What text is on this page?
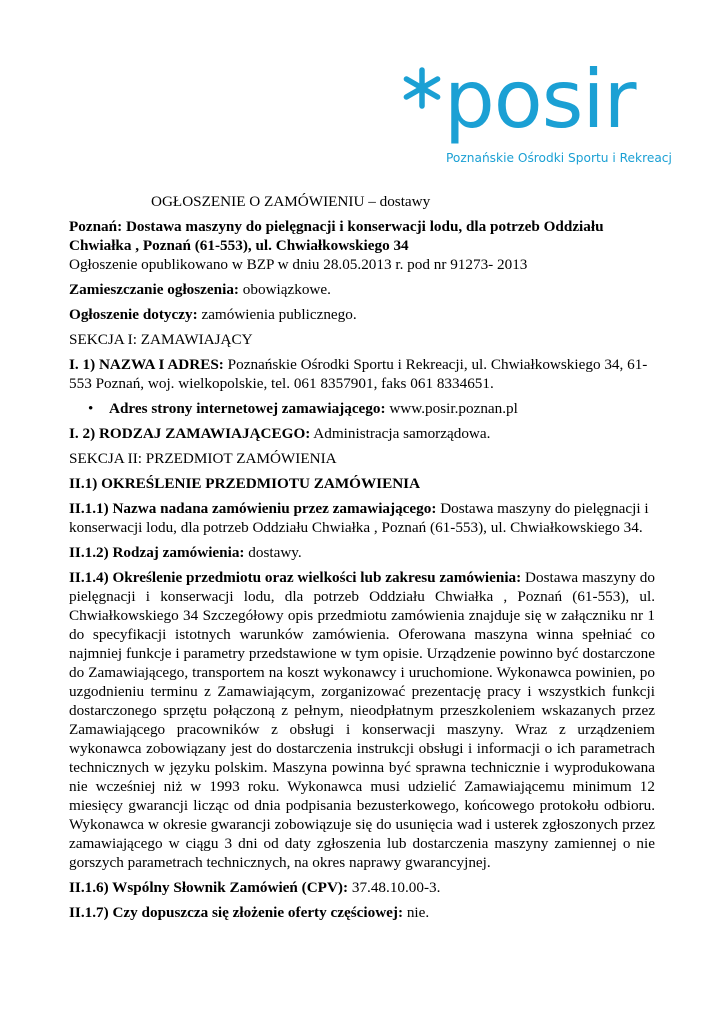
posir
Poznańskie Ośrodki Sportu i Rekreacj

OGŁOSZENIE O ZAMÓWIENIU – dostawy

Poznań: Dostawa maszyny do pielęgnacji i konserwacji lodu, dla potrzeb Oddziału Chwiałka , Poznań (61-553), ul. Chwiałkowskiego 34
Ogłoszenie opublikowano w BZP w dniu 28.05.2013 r. pod nr 91273- 2013

Zamieszczanie ogłoszenia: obowiązkowe.

Ogłoszenie dotyczy: zamówienia publicznego.

SEKCJA I: ZAMAWIAJĄCY

I. 1) NAZWA I ADRES: Poznańskie Ośrodki Sportu i Rekreacji, ul. Chwiałkowskiego 34, 61-553 Poznań, woj. wielkopolskie, tel. 061 8357901, faks 061 8334651.

• Adres strony internetowej zamawiającego: www.posir.poznan.pl

I. 2) RODZAJ ZAMAWIAJĄCEGO: Administracja samorządowa.

SEKCJA II: PRZEDMIOT ZAMÓWIENIA

II.1) OKREŚLENIE PRZEDMIOTU ZAMÓWIENIA

II.1.1) Nazwa nadana zamówieniu przez zamawiającego: Dostawa maszyny do pielęgnacji i konserwacji lodu, dla potrzeb Oddziału Chwiałka , Poznań (61-553), ul. Chwiałkowskiego 34.

II.1.2) Rodzaj zamówienia: dostawy.

II.1.4) Określenie przedmiotu oraz wielkości lub zakresu zamówienia: Dostawa maszyny do pielęgnacji i konserwacji lodu, dla potrzeb Oddziału Chwiałka , Poznań (61-553), ul. Chwiałkowskiego 34 Szczegółowy opis przedmiotu zamówienia znajduje się w załączniku nr 1 do specyfikacji istotnych warunków zamówienia. Oferowana maszyna winna spełniać co najmniej funkcje i parametry przedstawione w tym opisie. Urządzenie powinno być dostarczone do Zamawiającego, transportem na koszt wykonawcy i uruchomione. Wykonawca powinien, po uzgodnieniu terminu z Zamawiającym, zorganizować prezentację pracy i wszystkich funkcji dostarczonego sprzętu połączoną z pełnym, nieodpłatnym przeszkoleniem wskazanych przez Zamawiającego pracowników z obsługi i konserwacji maszyny. Wraz z urządzeniem wykonawca zobowiązany jest do dostarczenia instrukcji obsługi i informacji o ich parametrach technicznych w języku polskim. Maszyna powinna być sprawna technicznie i wyprodukowana nie wcześniej niż w 1993 roku. Wykonawca musi udzielić Zamawiającemu minimum 12 miesięcy gwarancji licząc od dnia podpisania bezusterkowego, końcowego protokołu odbioru. Wykonawca w okresie gwarancji zobowiązuje się do usunięcia wad i usterek zgłoszonych przez zamawiającego w ciągu 3 dni od daty zgłoszenia lub dostarczenia maszyny zamiennej o nie gorszych parametrach technicznych, na okres naprawy gwarancyjnej.

II.1.6) Wspólny Słownik Zamówień (CPV): 37.48.10.00-3.

II.1.7) Czy dopuszcza się złożenie oferty częściowej: nie.
